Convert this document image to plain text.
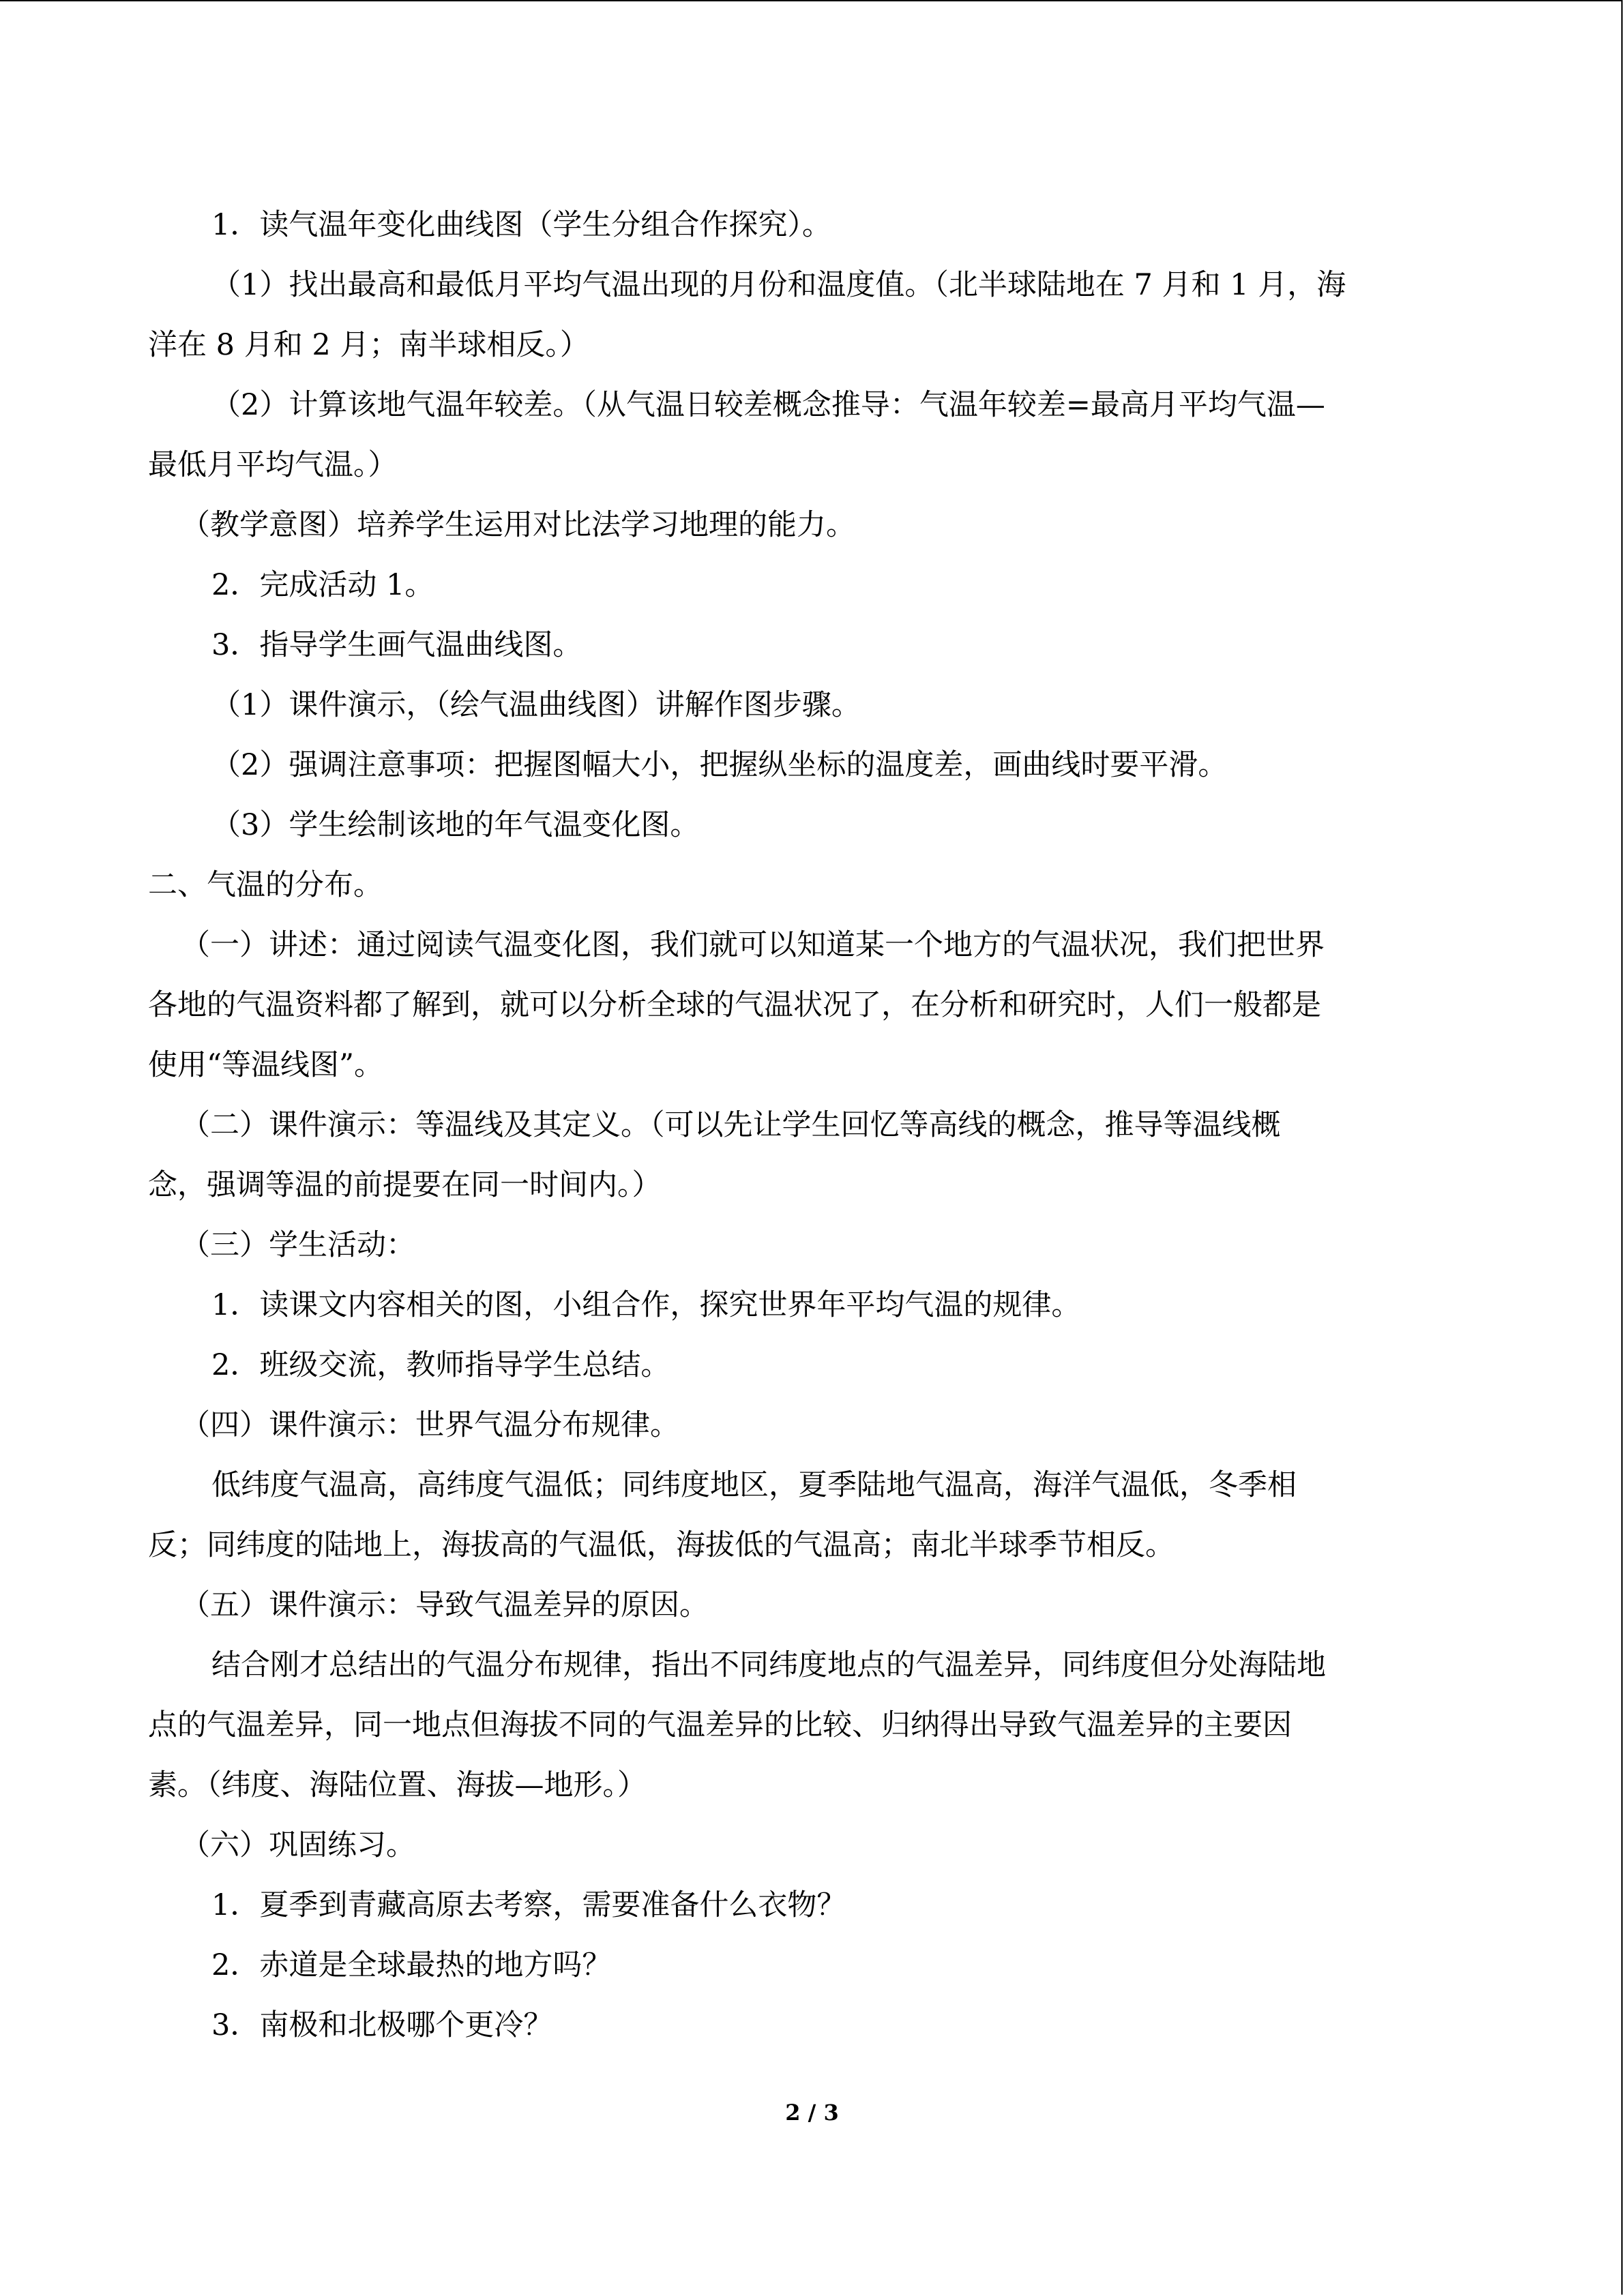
1．读气温年变化曲线图（学生分组合作探究）。
（1）找出最高和最低月平均气温出现的月份和温度值。（北半球陆地在 7 月和 1 月，海
洋在 8 月和 2 月；南半球相反。）
（2）计算该地气温年较差。（从气温日较差概念推导：气温年较差=最高月平均气温—
最低月平均气温。）
（教学意图）培养学生运用对比法学习地理的能力。
2．完成活动 1。
3．指导学生画气温曲线图。
（1）课件演示，（绘气温曲线图）讲解作图步骤。
（2）强调注意事项：把握图幅大小，把握纵坐标的温度差，画曲线时要平滑。
（3）学生绘制该地的年气温变化图。
二、气温的分布。
（一）讲述：通过阅读气温变化图，我们就可以知道某一个地方的气温状况，我们把世界
各地的气温资料都了解到，就可以分析全球的气温状况了，在分析和研究时，人们一般都是
使用“等温线图”。
（二）课件演示：等温线及其定义。（可以先让学生回忆等高线的概念，推导等温线概
念，强调等温的前提要在同一时间内。）
（三）学生活动：
1．读课文内容相关的图，小组合作，探究世界年平均气温的规律。
2．班级交流，教师指导学生总结。
（四）课件演示：世界气温分布规律。
低纬度气温高，高纬度气温低；同纬度地区，夏季陆地气温高，海洋气温低，冬季相
反；同纬度的陆地上，海拔高的气温低，海拔低的气温高；南北半球季节相反。
（五）课件演示：导致气温差异的原因。
结合刚才总结出的气温分布规律，指出不同纬度地点的气温差异，同纬度但分处海陆地
点的气温差异，同一地点但海拔不同的气温差异的比较、归纳得出导致气温差异的主要因
素。（纬度、海陆位置、海拔—地形。）
（六）巩固练习。
1．夏季到青藏高原去考察，需要准备什么衣物？
2．赤道是全球最热的地方吗？
3．南极和北极哪个更冷？
2 / 3
